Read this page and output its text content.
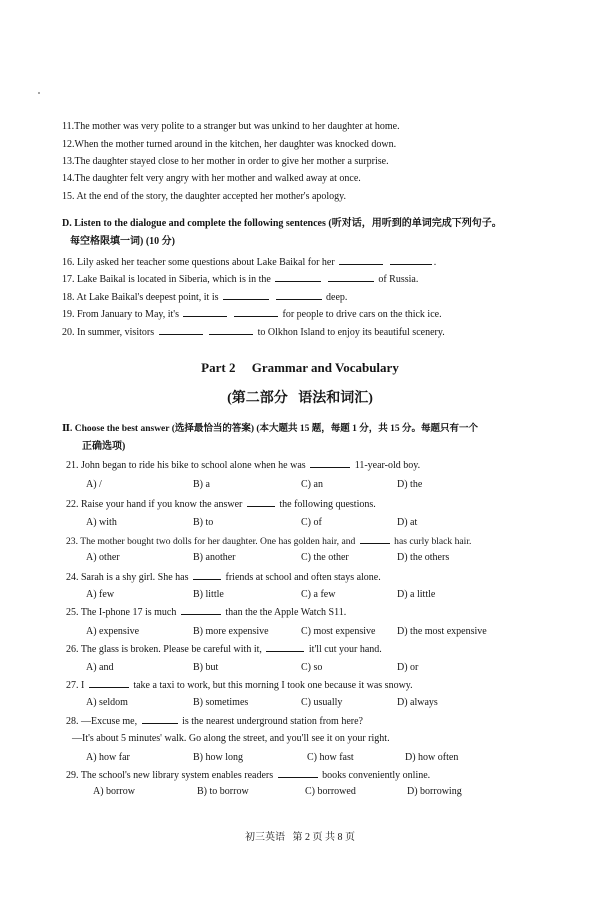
11.The mother was very polite to a stranger but was unkind to her daughter at home.
12.When the mother turned around in the kitchen, her daughter was knocked down.
13.The daughter stayed close to her mother in order to give her mother a surprise.
14.The daughter felt very angry with her mother and walked away at once.
15. At the end of the story, the daughter accepted her mother's apology.
D. Listen to the dialogue and complete the following sentences (听对话，用听到的单词完成下列句子。
每空格限填一词) (10 分)
16. Lily asked her teacher some questions about Lake Baikal for her	.
17. Lake Baikal is located in Siberia, which is in the	of Russia.
18. At Lake Baikal's deepest point, it is	deep.
19. From January to May, it's	for people to drive cars on the thick ice.
20. In summer, visitors	to Olkhon Island to enjoy its beautiful scenery.
Part 2     Grammar and Vocabulary
(第二部分   语法和词汇)
Ⅱ. Choose the best answer (选择最恰当的答案) (本大题共 15 题，每题 1 分，共 15 分。每题只有一个
正确选项)
21. John began to ride his bike to school alone when he was	11-year-old boy.
A) /	B) a	C) an	D) the
22. Raise your hand if you know the answer	the following questions.
A) with	B) to	C) of	D) at
23. The mother bought two dolls for her daughter. One has golden hair, and	has curly black hair.
A) other	B) another	C) the other	D) the others
24. Sarah is a shy girl. She has	friends at school and often stays alone.
A) few	B) little	C) a few	D) a little
25. The I-phone 17 is much	than the the Apple Watch S11.
A) expensive	B) more expensive	C) most expensive D) the most expensive
26. The glass is broken. Please be careful with it,	it'll cut your hand.
A) and	B) but	C) so	D) or
27. I	take a taxi to work, but this morning I took one because it was snowy.
A) seldom	B) sometimes	C) usually	D) always
28. —Excuse me,	is the nearest underground station from here?
—It's about 5 minutes' walk. Go along the street, and you'll see it on your right.
A) how far	B) how long	C) how fast	D) how often
29. The school's new library system enables readers	books conveniently online.
A) borrow	B) to borrow	C) borrowed	D) borrowing
初三英语   第 2 页 共 8 页
